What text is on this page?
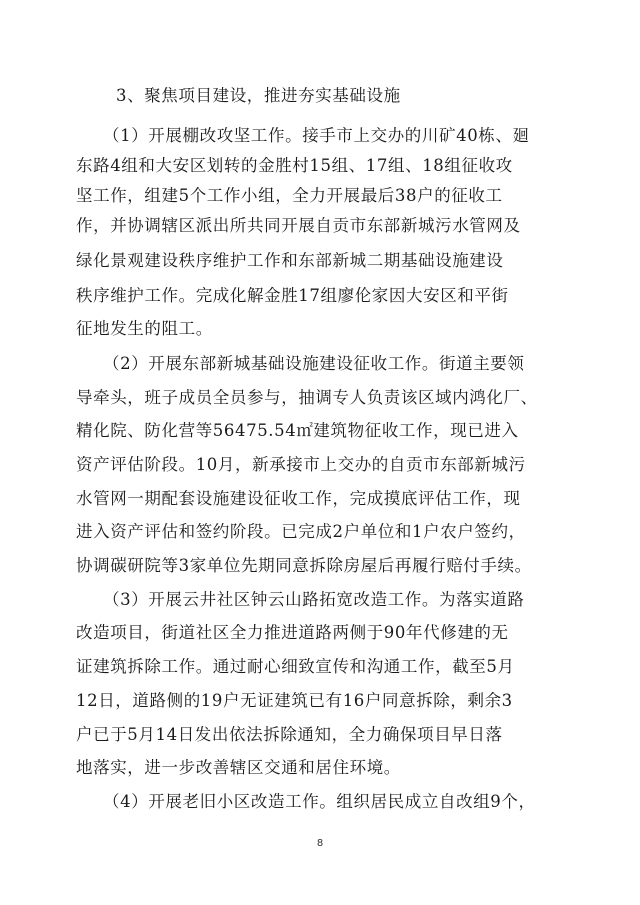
3、聚焦项目建设，推进夯实基础设施
（1）开展棚改攻坚工作。接手市上交办的川矿40栋、廻
东路4组和大安区划转的金胜村15组、17组、18组征收攻
坚工作，组建5个工作小组，全力开展最后38户的征收工
作，并协调辖区派出所共同开展自贡市东部新城污水管网及
绿化景观建设秩序维护工作和东部新城二期基础设施建设
秩序维护工作。完成化解金胜17组廖伦家因大安区和平街
征地发生的阻工。
（2）开展东部新城基础设施建设征收工作。街道主要领
导牵头，班子成员全员参与，抽调专人负责该区域内鸿化厂、
精化院、防化营等56475.54㎡建筑物征收工作，现已进入
资产评估阶段。10月，新承接市上交办的自贡市东部新城污
水管网一期配套设施建设征收工作，完成摸底评估工作，现
进入资产评估和签约阶段。已完成2户单位和1户农户签约，
协调碳研院等3家单位先期同意拆除房屋后再履行赔付手续。
（3）开展云井社区钟云山路拓宽改造工作。为落实道路
改造项目，街道社区全力推进道路两侧于90年代修建的无
证建筑拆除工作。通过耐心细致宣传和沟通工作，截至5月
12日，道路侧的19户无证建筑已有16户同意拆除，剩余3
户已于5月14日发出依法拆除通知，全力确保项目早日落
地落实，进一步改善辖区交通和居住环境。
（4）开展老旧小区改造工作。组织居民成立自改组9个，
8
